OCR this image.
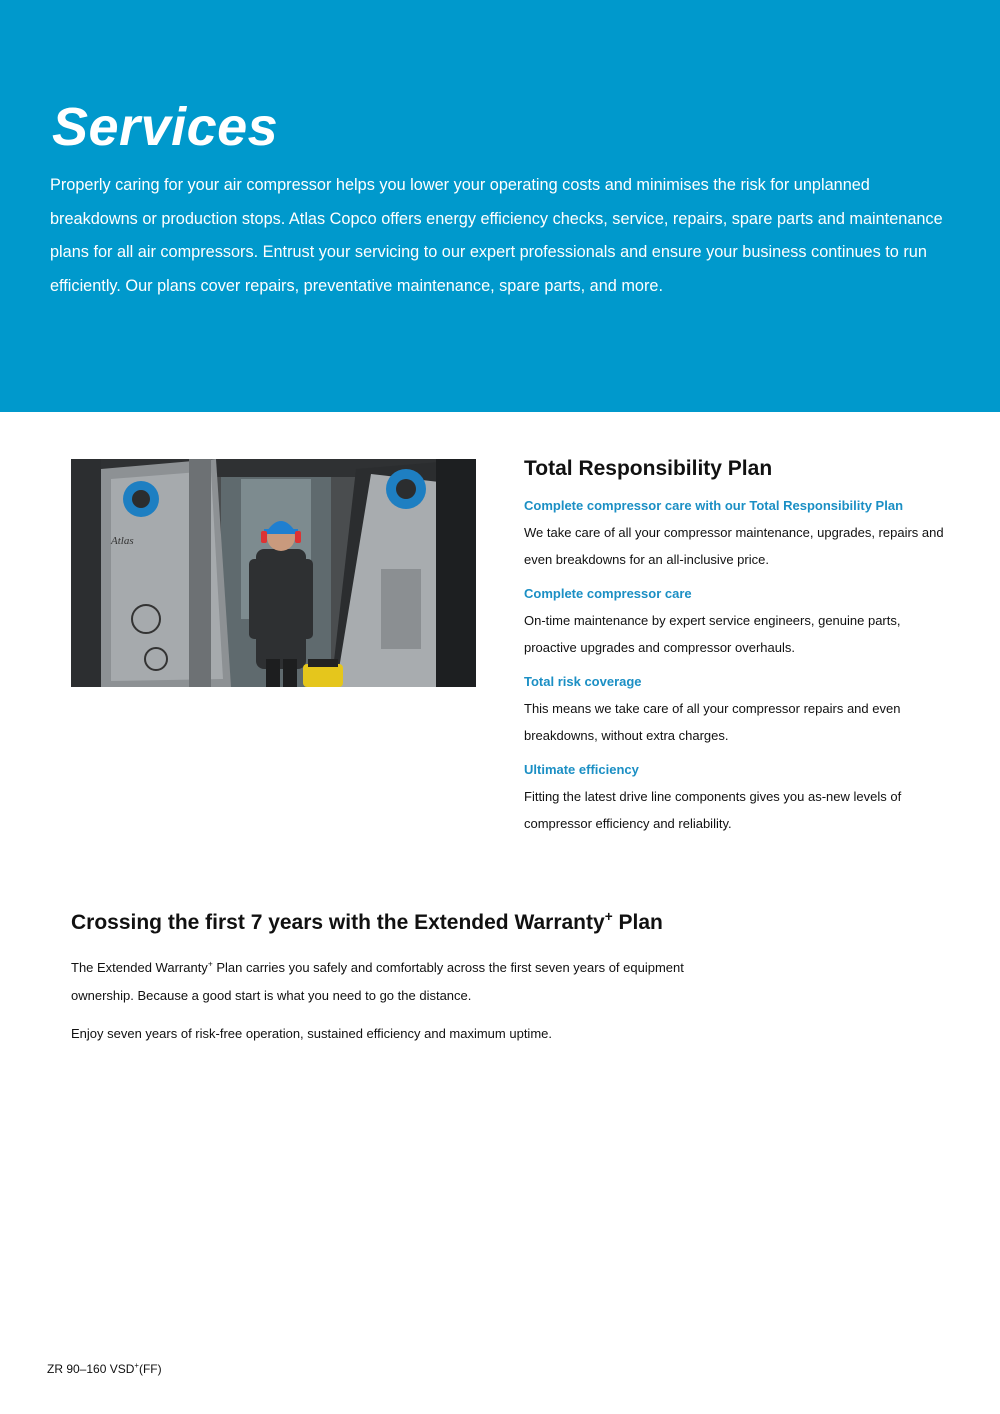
Services

Properly caring for your air compressor helps you lower your operating costs and minimises the risk for unplanned breakdowns or production stops. Atlas Copco offers energy efficiency checks, service, repairs, spare parts and maintenance plans for all air compressors. Entrust your servicing to our expert professionals and ensure your business continues to run efficiently. Our plans cover repairs, preventative maintenance, spare parts, and more.

Atlas
Total Responsibility Plan
Complete compressor care with our Total Responsibility Plan
We take care of all your compressor maintenance, upgrades, repairs and even breakdowns for an all-inclusive price.
Complete compressor care
On-time maintenance by expert service engineers, genuine parts, proactive upgrades and compressor overhauls.
Total risk coverage
This means we take care of all your compressor repairs and even breakdowns, without extra charges.
Ultimate efficiency
Fitting the latest drive line components gives you as-new levels of compressor efficiency and reliability.
Crossing the first 7 years with the Extended Warranty+ Plan

The Extended Warranty+ Plan carries you safely and comfortably across the first seven years of equipment ownership. Because a good start is what you need to go the distance.

Enjoy seven years of risk-free operation, sustained efficiency and maximum uptime.

ZR 90–160 VSD+(FF)
